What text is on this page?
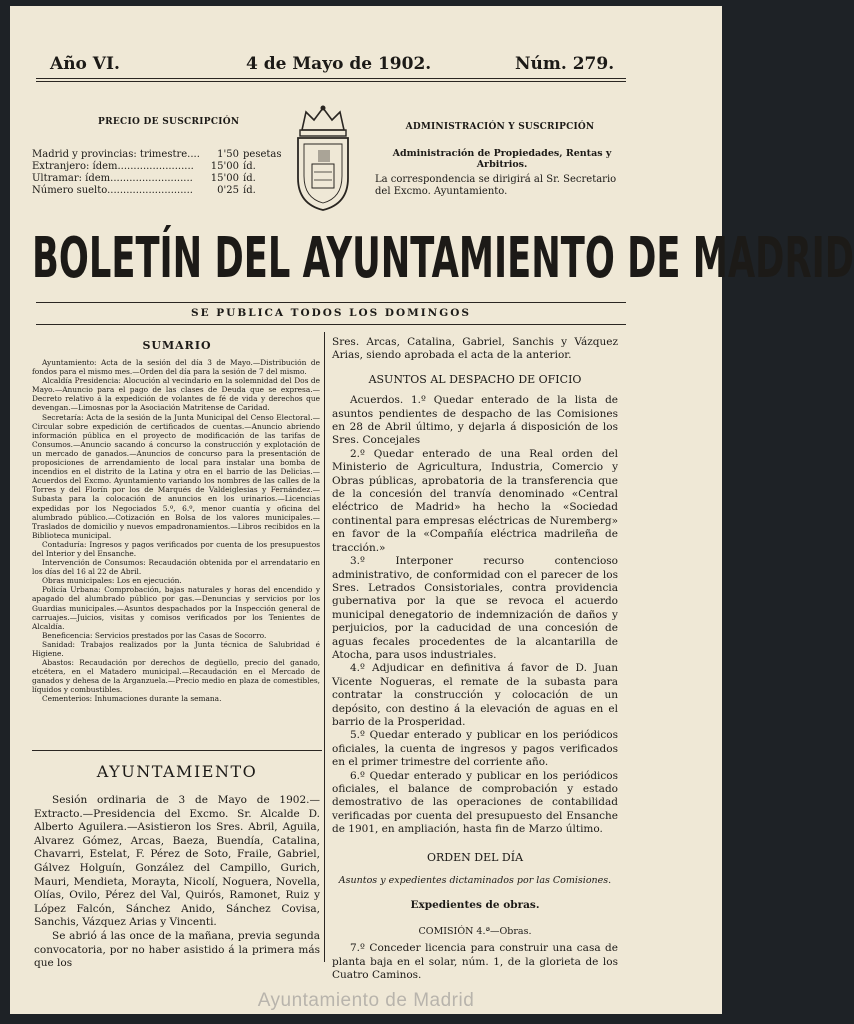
Año VI.	4 de Mayo de 1902.	Núm. 279.
PRECIO DE SUSCRIPCIÓN
Madrid y provincias: trimestre....	1'50 pesetas
Extranjero: ídem........................	15'00 íd.
Ultramar: ídem..........................	15'00 íd.
Número suelto...........................	0'25 íd.
ADMINISTRACIÓN Y SUSCRIPCIÓN
Administración de Propiedades, Rentas y Arbitrios.
La correspondencia se dirigirá al Sr. Secretario del Excmo. Ayuntamiento.
BOLETÍN DEL AYUNTAMIENTO DE MADRID
SE PUBLICA TODOS LOS DOMINGOS
SUMARIO

Ayuntamiento: Acta de la sesión del día 3 de Mayo.—Distribución de fondos para el mismo mes.—Orden del día para la sesión de 7 del mismo.

Alcaldía Presidencia: Alocución al vecindario en la solemnidad del Dos de Mayo.—Anuncio para el pago de las clases de Deuda que se expresa.—Decreto relativo á la expedición de volantes de fé de vida y derechos que devengan.—Limosnas por la Asociación Matritense de Caridad.

Secretaría: Acta de la sesión de la Junta Municipal del Censo Electoral.—Circular sobre expedición de certificados de cuentas.—Anuncio abriendo información pública en el proyecto de modificación de las tarifas de Consumos.—Anuncio sacando á concurso la construcción y explotación de un mercado de ganados.—Anuncios de concurso para la presentación de proposiciones de arrendamiento de local para instalar una bomba de incendios en el distrito de la Latina y otra en el barrio de las Delicias.—Acuerdos del Excmo. Ayuntamiento variando los nombres de las calles de la Torres y del Florín por los de Marqués de Valdeiglesias y Fernández.—Subasta para la colocación de anuncios en los urinarios.—Licencias expedidas por los Negociados 5.º, 6.º, menor cuantía y oficina del alumbrado público.—Cotización en Bolsa de los valores municipales.—Traslados de domicilio y nuevos empadronamientos.—Libros recibidos en la Biblioteca municipal.

Contaduría: Ingresos y pagos verificados por cuenta de los presupuestos del Interior y del Ensanche.

Intervención de Consumos: Recaudación obtenida por el arrendatario en los días del 16 al 22 de Abril.

Obras municipales: Los en ejecución.

Policía Urbana: Comprobación, bajas naturales y horas del encendido y apagado del alumbrado público por gas.—Denuncias y servicios por los Guardias municipales.—Asuntos despachados por la Inspección general de carruajes.—Juicios, visitas y comisos verificados por los Tenientes de Alcaldía.

Beneficencia: Servicios prestados por las Casas de Socorro.

Sanidad: Trabajos realizados por la Junta técnica de Salubridad é Higiene.

Abastos: Recaudación por derechos de degüello, precio del ganado, etcétera, en el Matadero municipal.—Recaudación en el Mercado de ganados y dehesa de la Arganzuela.—Precio medio en plaza de comestibles, líquidos y combustibles.

Cementerios: Inhumaciones durante la semana.

AYUNTAMIENTO

Sesión ordinaria de 3 de Mayo de 1902.—Extracto.—Presidencia del Excmo. Sr. Alcalde D. Alberto Aguilera.—Asistieron los Sres. Abril, Aguila, Alvarez Gómez, Arcas, Baeza, Buendía, Catalina, Chavarri, Estelat, F. Pérez de Soto, Fraile, Gabriel, Gálvez Holguín, González del Campillo, Gurich, Mauri, Mendieta, Morayta, Nicolí, Noguera, Novella, Olías, Ovilo, Pérez del Val, Quirós, Ramonet, Ruiz y López Falcón, Sánchez Anido, Sánchez Covisa, Sanchis, Vázquez Arias y Vincenti.

Se abrió á las once de la mañana, previa segunda convocatoria, por no haber asistido á la primera más que los

Sres. Arcas, Catalina, Gabriel, Sanchis y Vázquez Arias, siendo aprobada el acta de la anterior.

ASUNTOS AL DESPACHO DE OFICIO

Acuerdos. 1.º Quedar enterado de la lista de asuntos pendientes de despacho de las Comisiones en 28 de Abril último, y dejarla á disposición de los Sres. Concejales

2.º Quedar enterado de una Real orden del Ministerio de Agricultura, Industria, Comercio y Obras públicas, aprobatoria de la transferencia que de la concesión del tranvía denominado «Central eléctrico de Madrid» ha hecho la «Sociedad continental para empresas eléctricas de Nuremberg» en favor de la «Compañía eléctrica madrileña de tracción.»

3.º Interponer recurso contencioso administrativo, de conformidad con el parecer de los Sres. Letrados Consistoriales, contra providencia gubernativa por la que se revoca el acuerdo municipal denegatorio de indemnización de daños y perjuicios, por la caducidad de una concesión de aguas fecales procedentes de la alcantarilla de Atocha, para usos industriales.

4.º Adjudicar en definitiva á favor de D. Juan Vicente Nogueras, el remate de la subasta para contratar la construcción y colocación de un depósito, con destino á la elevación de aguas en el barrio de la Prosperidad.

5.º Quedar enterado y publicar en los periódicos oficiales, la cuenta de ingresos y pagos verificados en el primer trimestre del corriente año.

6.º Quedar enterado y publicar en los periódicos oficiales, el balance de comprobación y estado demostrativo de las operaciones de contabilidad verificadas por cuenta del presupuesto del Ensanche de 1901, en ampliación, hasta fin de Marzo último.

ORDEN DEL DÍA

Asuntos y expedientes dictaminados por las Comisiones.

Expedientes de obras.

COMISIÓN 4.ª—Obras.

7.º Conceder licencia para construir una casa de planta baja en el solar, núm. 1, de la glorieta de los Cuatro Caminos.

Ayuntamiento de Madrid
